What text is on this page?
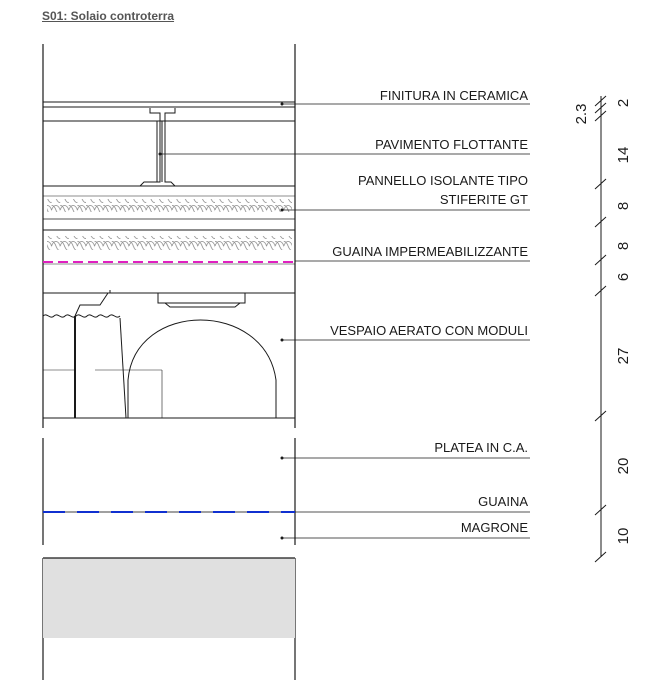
S01: Solaio controterra
FINITURA IN CERAMICA
PAVIMENTO FLOTTANTE
PANNELLO ISOLANTE TIPO
STIFERITE GT
GUAINA IMPERMEABILIZZANTE
VESPAIO AERATO CON MODULI
PLATEA IN C.A.
GUAINA
MAGRONE
2.3
2
14
8
8
6
27
20
10
